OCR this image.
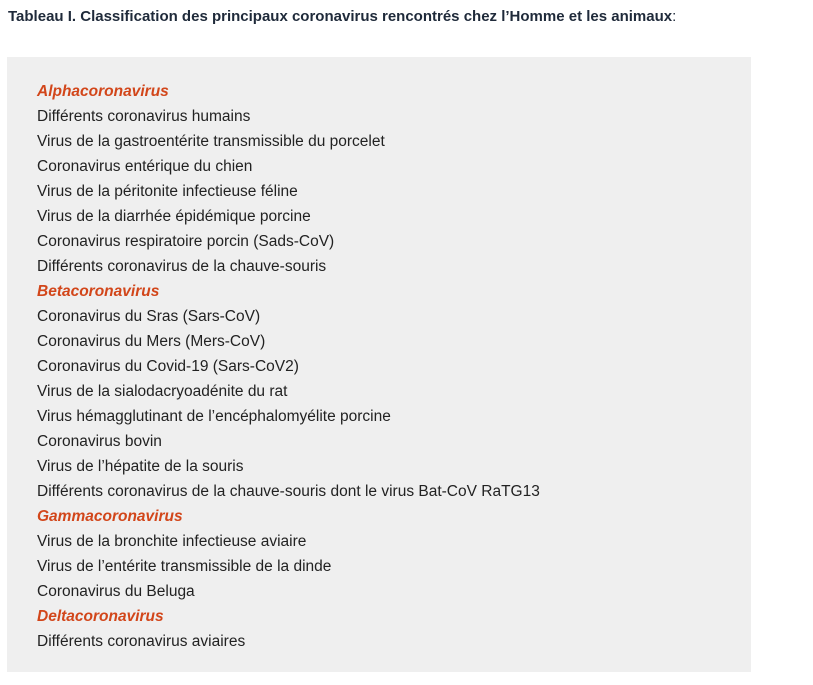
Tableau I. Classification des principaux coronavirus rencontrés chez l’Homme et les animaux:
Alphacoronavirus
Différents coronavirus humains
Virus de la gastroentérite transmissible du porcelet
Coronavirus entérique du chien
Virus de la péritonite infectieuse féline
Virus de la diarrhée épidémique porcine
Coronavirus respiratoire porcin (Sads-CoV)
Différents coronavirus de la chauve-souris
Betacoronavirus
Coronavirus du Sras (Sars-CoV)
Coronavirus du Mers (Mers-CoV)
Coronavirus du Covid-19 (Sars-CoV2)
Virus de la sialodacryoadénite du rat
Virus hémagglutinant de l’encéphalomyélite porcine
Coronavirus bovin
Virus de l’hépatite de la souris
Différents coronavirus de la chauve-souris dont le virus Bat-CoV RaTG13
Gammacoronavirus
Virus de la bronchite infectieuse aviaire
Virus de l’entérite transmissible de la dinde
Coronavirus du Beluga
Deltacoronavirus
Différents coronavirus aviaires
